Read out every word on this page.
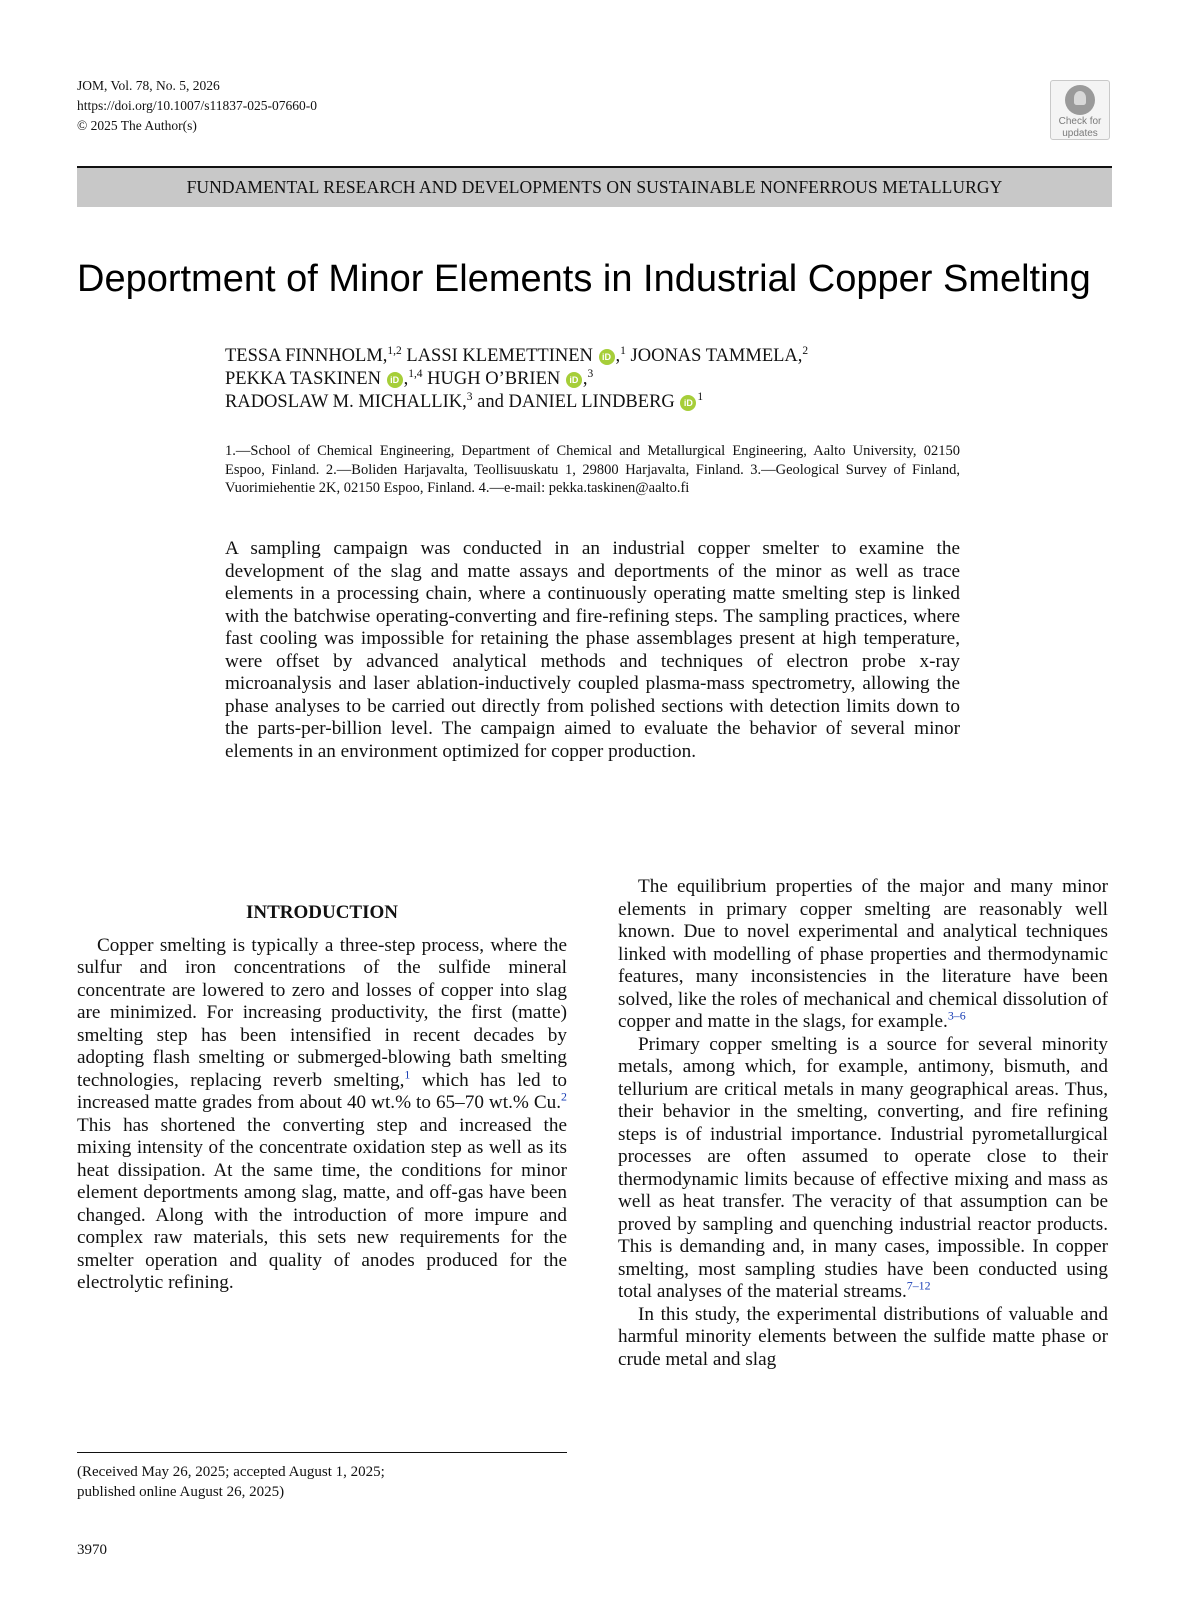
JOM, Vol. 78, No. 5, 2026
https://doi.org/10.1007/s11837-025-07660-0
© 2025 The Author(s)	Check for
updates
FUNDAMENTAL RESEARCH AND DEVELOPMENTS ON SUSTAINABLE NONFERROUS METALLURGY
Deportment of Minor Elements in Industrial Copper Smelting
TESSA FINNHOLM,$^{1,2}$ LASSI KLEMETTINEN iD ,$^1$ JOONAS TAMMELA,$^2$
PEKKA TASKINEN iD ,$^{1,4}$ HUGH O’BRIEN iD ,$^3$
RADOSLAW M. MICHALLIK,$^3$ and DANIEL LINDBERG iD $^1$

1.—School of Chemical Engineering, Department of Chemical and Metallurgical Engineering, Aalto University, 02150 Espoo, Finland. 2.—Boliden Harjavalta, Teollisuuskatu 1, 29800 Harjavalta, Finland. 3.—Geological Survey of Finland, Vuorimiehentie 2K, 02150 Espoo, Finland. 4.—e-mail: pekka.taskinen@aalto.fi

A sampling campaign was conducted in an industrial copper smelter to examine the development of the slag and matte assays and deportments of the minor as well as trace elements in a processing chain, where a continuously operating matte smelting step is linked with the batchwise operating-converting and fire-refining steps. The sampling practices, where fast cooling was impossible for retaining the phase assemblages present at high temperature, were offset by advanced analytical methods and techniques of electron probe x-ray microanalysis and laser ablation-inductively coupled plasma-mass spectrometry, allowing the phase analyses to be carried out directly from polished sections with detection limits down to the parts-per-billion level. The campaign aimed to evaluate the behavior of several minor elements in an environment optimized for copper production.

INTRODUCTION

Copper smelting is typically a three-step process, where the sulfur and iron concentrations of the sulfide mineral concentrate are lowered to zero and losses of copper into slag are minimized. For increasing productivity, the first (matte) smelting step has been intensified in recent decades by adopting flash smelting or submerged-blowing bath smelting technologies, replacing reverb smelting,$^1$ which has led to increased matte grades from about 40 wt.% to 65–70 wt.% Cu.$^2$ This has shortened the converting step and increased the mixing intensity of the concentrate oxidation step as well as its heat dissipation. At the same time, the conditions for minor element deportments among slag, matte, and off-gas have been changed. Along with the introduction of more impure and complex raw materials, this sets new requirements for the smelter operation and quality of anodes produced for the electrolytic refining.

The equilibrium properties of the major and many minor elements in primary copper smelting are reasonably well known. Due to novel experimental and analytical techniques linked with modelling of phase properties and thermodynamic features, many inconsistencies in the literature have been solved, like the roles of mechanical and chemical dissolution of copper and matte in the slags, for example.$^{3-6}$

Primary copper smelting is a source for several minority metals, among which, for example, antimony, bismuth, and tellurium are critical metals in many geographical areas. Thus, their behavior in the smelting, converting, and fire refining steps is of industrial importance. Industrial pyrometallurgical processes are often assumed to operate close to their thermodynamic limits because of effective mixing and mass as well as heat transfer. The veracity of that assumption can be proved by sampling and quenching industrial reactor products. This is demanding and, in many cases, impossible. In copper smelting, most sampling studies have been conducted using total analyses of the material streams.$^{7-12}$

In this study, the experimental distributions of valuable and harmful minority elements between the sulfide matte phase or crude metal and slag

(Received May 26, 2025; accepted August 1, 2025;
published online August 26, 2025)
3970
